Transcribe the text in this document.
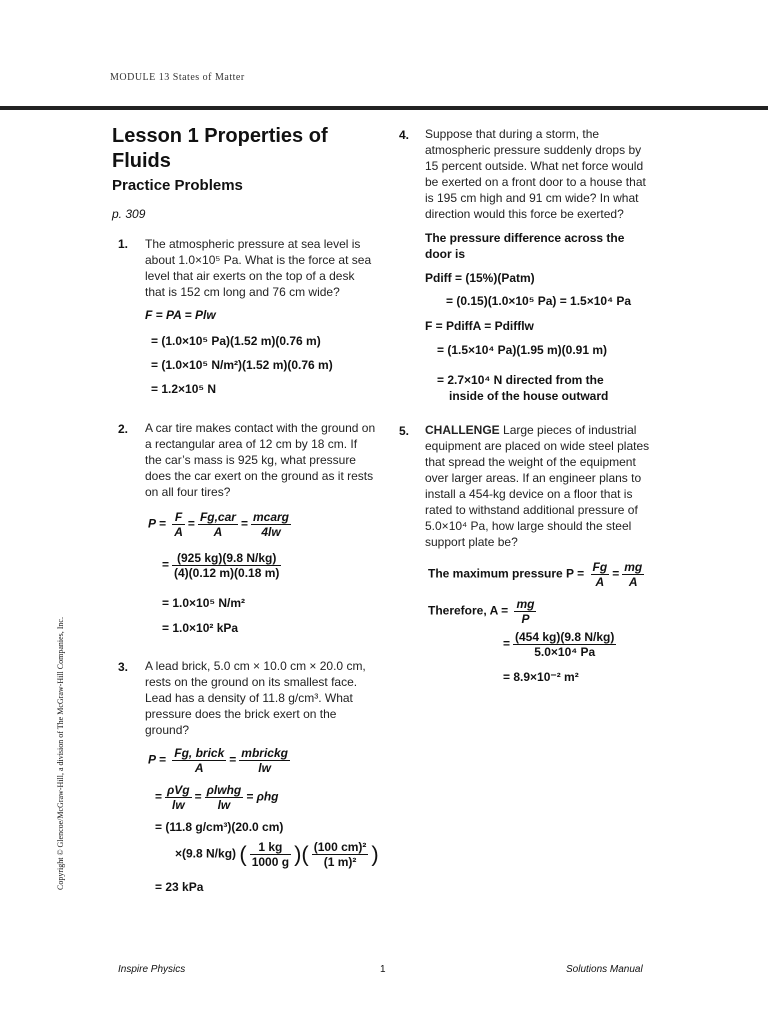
MODULE 13 States of Matter
Lesson 1 Properties of Fluids
Practice Problems
p. 309
1. The atmospheric pressure at sea level is about 1.0×10⁵ Pa. What is the force at sea level that air exerts on the top of a desk that is 152 cm long and 76 cm wide?
F = PA = Plw
= (1.0×10⁵ Pa)(1.52 m)(0.76 m)
= (1.0×10⁵ N/m²)(1.52 m)(0.76 m)
= 1.2×10⁵ N
2. A car tire makes contact with the ground on a rectangular area of 12 cm by 18 cm. If the car’s mass is 925 kg, what pressure does the car exert on the ground as it rests on all four tires?
$P = \frac{F}{A} = \frac{\text{Fg,car}}{A} = \frac{\text{mcarg}}{4lw}$
= $\frac{(925 kg)(9.8 N/kg)}{(4)(0.12 m)(0.18 m)}$
= 1.0×10⁵ N/m²
= 1.0×10² kPa
3. A lead brick, 5.0 cm × 10.0 cm × 20.0 cm, rests on the ground on its smallest face. Lead has a density of 11.8 g/cm³. What pressure does the brick exert on the ground?
$P = \frac{\text{Fg, brick}}{A} = \frac{\text{mbrickg}}{lw}$
= $\frac{\text{ρVg}}{lw} = \frac{\text{ρlwhg}}{lw} = \rho hg$
= (11.8 g/cm³)(20.0 cm)
×(9.8 N/kg) ( $\frac{1 kg}{1000 g}$ )( $\frac{\text{(100 cm)²}}{\text{(1 m)²}}$ )
= 23 kPa
4. Suppose that during a storm, the atmospheric pressure suddenly drops by 15 percent outside. What net force would be exerted on a front door to a house that is 195 cm high and 91 cm wide? In what direction would this force be exerted?
The pressure difference across the door is
Pdiff = (15%)(Patm)
= (0.15)(1.0×10⁵ Pa) = 1.5×10⁴ Pa
F = PdiffA = Pdifflw
= (1.5×10⁴ Pa)(1.95 m)(0.91 m)
= 2.7×10⁴ N directed from the
inside of the house outward
5. CHALLENGE Large pieces of industrial equipment are placed on wide steel plates that spread the weight of the equipment over larger areas. If an engineer plans to install a 454-kg device on a floor that is rated to withstand additional pressure of 5.0×10⁴ Pa, how large should the steel support plate be?
The maximum pressure $P = \frac{Fg}{A} = \frac{mg}{A}$
Therefore, $A = \frac{mg}{P}$
= $\frac{(454 kg)(9.8 N/kg)}{\text{5.0×10⁴ Pa}}$
= 8.9×10⁻² m²
Copyright © Glencoe/McGraw-Hill, a division of The McGraw-Hill Companies, Inc.
Inspire Physics	1	Solutions Manual
